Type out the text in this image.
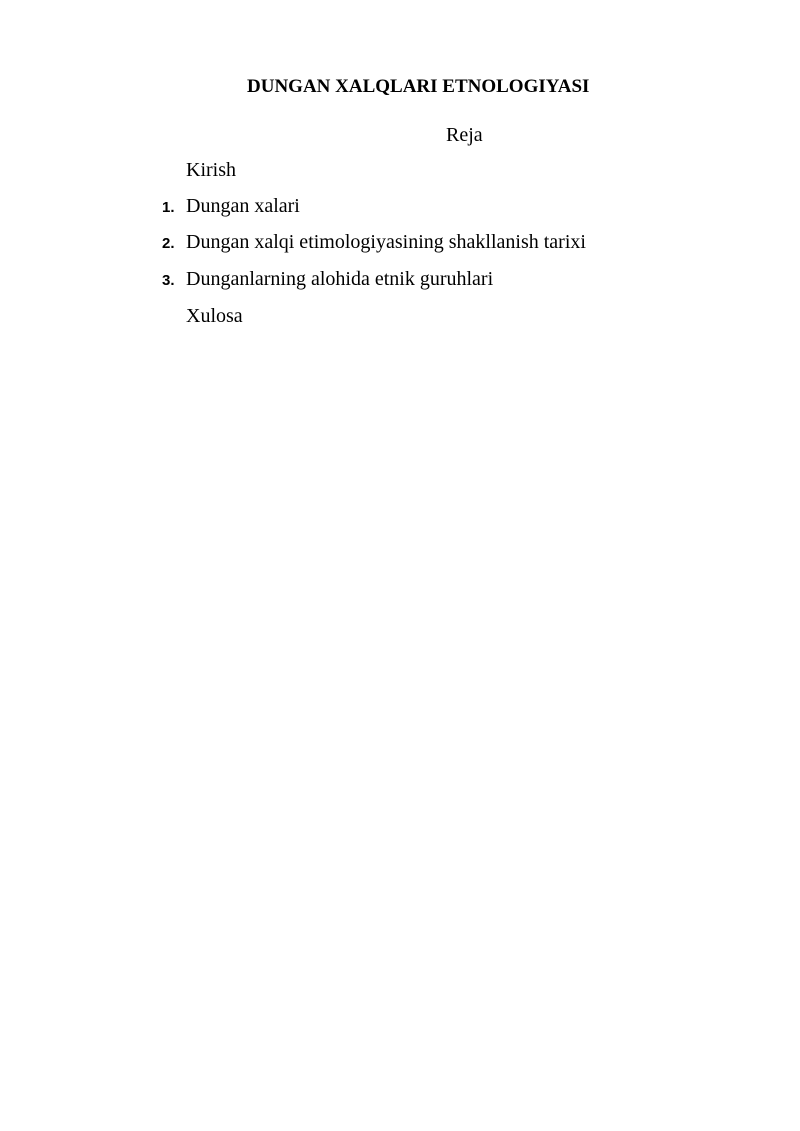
DUNGAN XALQLARI ETNOLOGIYASI
Reja
Kirish
1. Dungan xalari
2. Dungan xalqi etimologiyasining shakllanish tarixi
3. Dunganlarning alohida etnik guruhlari
Xulosa
